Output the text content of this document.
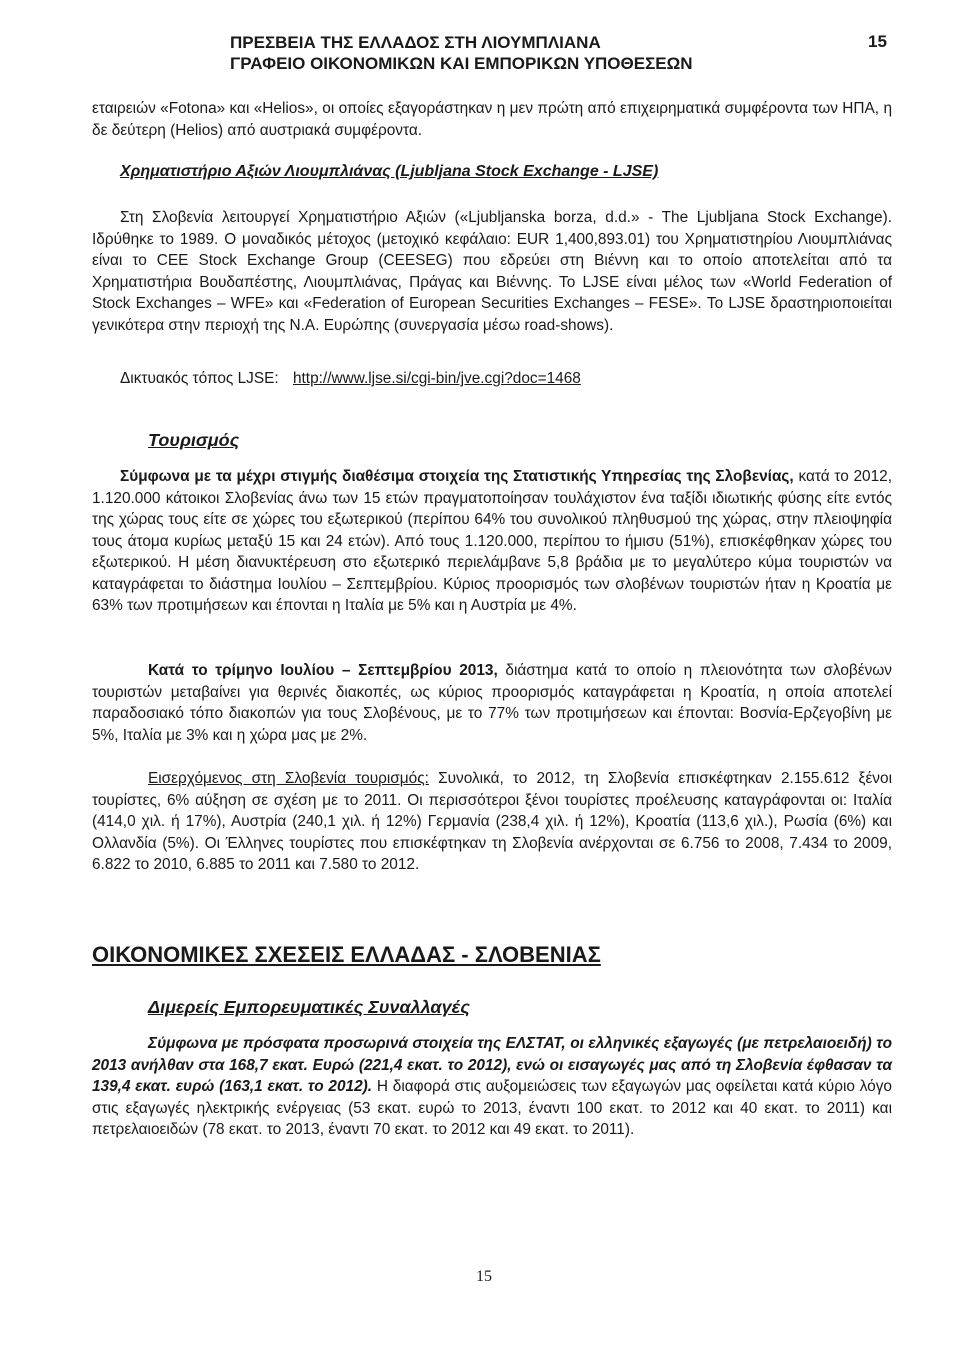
ΠΡΕΣΒΕΙΑ ΤΗΣ ΕΛΛΑΔΟΣ ΣΤΗ ΛΙΟΥΜΠΛΙΑΝΑ
ΓΡΑΦΕΙΟ ΟΙΚΟΝΟΜΙΚΩΝ ΚΑΙ ΕΜΠΟΡΙΚΩΝ ΥΠΟΘΕΣΕΩΝ
15

εταιρειών «Fotona» και «Helios», οι οποίες εξαγοράστηκαν η μεν πρώτη από επιχειρηματικά συμφέροντα των ΗΠΑ, η δε δεύτερη (Helios) από αυστριακά συμφέροντα.

Χρηματιστήριο Αξιών Λιουμπλιάνας (Ljubljana Stock Exchange - LJSE)

Στη Σλοβενία λειτουργεί Χρηματιστήριο Αξιών («Ljubljanska borza, d.d.» - The Ljubljana Stock Exchange). Ιδρύθηκε το 1989. Ο μοναδικός μέτοχος (μετοχικό κεφάλαιο: EUR 1,400,893.01) του Χρηματιστηρίου Λιουμπλιάνας είναι το CEE Stock Exchange Group (CEESEG) που εδρεύει στη Βιέννη και το οποίο αποτελείται από τα Χρηματιστήρια Βουδαπέστης, Λιουμπλιάνας, Πράγας και Βιέννης. Το LJSE είναι μέλος των «World Federation of Stock Exchanges – WFE» και «Federation of European Securities Exchanges – FESE». Το LJSE δραστηριοποιείται γενικότερα στην περιοχή της Ν.Α. Ευρώπης (συνεργασία μέσω road-shows).

Δικτυακός τόπος LJSE: http://www.ljse.si/cgi-bin/jve.cgi?doc=1468
Τουρισμός

Σύμφωνα με τα μέχρι στιγμής διαθέσιμα στοιχεία της Στατιστικής Υπηρεσίας της Σλοβενίας, κατά το 2012, 1.120.000 κάτοικοι Σλοβενίας άνω των 15 ετών πραγματοποίησαν τουλάχιστον ένα ταξίδι ιδιωτικής φύσης είτε εντός της χώρας τους είτε σε χώρες του εξωτερικού (περίπου 64% του συνολικού πληθυσμού της χώρας, στην πλειοψηφία τους άτομα κυρίως μεταξύ 15 και 24 ετών). Από τους 1.120.000, περίπου το ήμισυ (51%), επισκέφθηκαν χώρες του εξωτερικού. Η μέση διανυκτέρευση στο εξωτερικό περιελάμβανε 5,8 βράδια με το μεγαλύτερο κύμα τουριστών να καταγράφεται το διάστημα Ιουλίου – Σεπτεμβρίου. Κύριος προορισμός των σλοβένων τουριστών ήταν η Κροατία με 63% των προτιμήσεων και έπονται η Ιταλία με 5% και η Αυστρία με 4%.

Κατά το τρίμηνο Ιουλίου – Σεπτεμβρίου 2013, διάστημα κατά το οποίο η πλειονότητα των σλοβένων τουριστών μεταβαίνει για θερινές διακοπές, ως κύριος προορισμός καταγράφεται η Κροατία, η οποία αποτελεί παραδοσιακό τόπο διακοπών για τους Σλοβένους, με το 77% των προτιμήσεων και έπονται: Βοσνία-Ερζεγοβίνη με 5%, Ιταλία με 3% και η χώρα μας με 2%.

Εισερχόμενος στη Σλοβενία τουρισμός: Συνολικά, το 2012, τη Σλοβενία επισκέφτηκαν 2.155.612 ξένοι τουρίστες, 6% αύξηση σε σχέση με το 2011. Οι περισσότεροι ξένοι τουρίστες προέλευσης καταγράφονται οι: Ιταλία (414,0 χιλ. ή 17%), Αυστρία (240,1 χιλ. ή 12%) Γερμανία (238,4 χιλ. ή 12%), Κροατία (113,6 χιλ.), Ρωσία (6%) και Ολλανδία (5%). Οι Έλληνες τουρίστες που επισκέφτηκαν τη Σλοβενία ανέρχονται σε 6.756 το 2008, 7.434 το 2009, 6.822 το 2010, 6.885 το 2011 και 7.580 το 2012.

ΟΙΚΟΝΟΜΙΚΕΣ ΣΧΕΣΕΙΣ ΕΛΛΑΔΑΣ - ΣΛΟΒΕΝΙΑΣ
Διμερείς Εμπορευματικές Συναλλαγές

Σύμφωνα με πρόσφατα προσωρινά στοιχεία της ΕΛΣΤΑΤ, οι ελληνικές εξαγωγές (με πετρελαιοειδή) το 2013 ανήλθαν στα 168,7 εκατ. Ευρώ (221,4 εκατ. το 2012), ενώ οι εισαγωγές μας από τη Σλοβενία έφθασαν τα 139,4 εκατ. ευρώ (163,1 εκατ. το 2012). Η διαφορά στις αυξομειώσεις των εξαγωγών μας οφείλεται κατά κύριο λόγο στις εξαγωγές ηλεκτρικής ενέργειας (53 εκατ. ευρώ το 2013, έναντι 100 εκατ. το 2012 και 40 εκατ. το 2011) και πετρελαιοειδών (78 εκατ. το 2013, έναντι 70 εκατ. το 2012 και 49 εκατ. το 2011).

15
